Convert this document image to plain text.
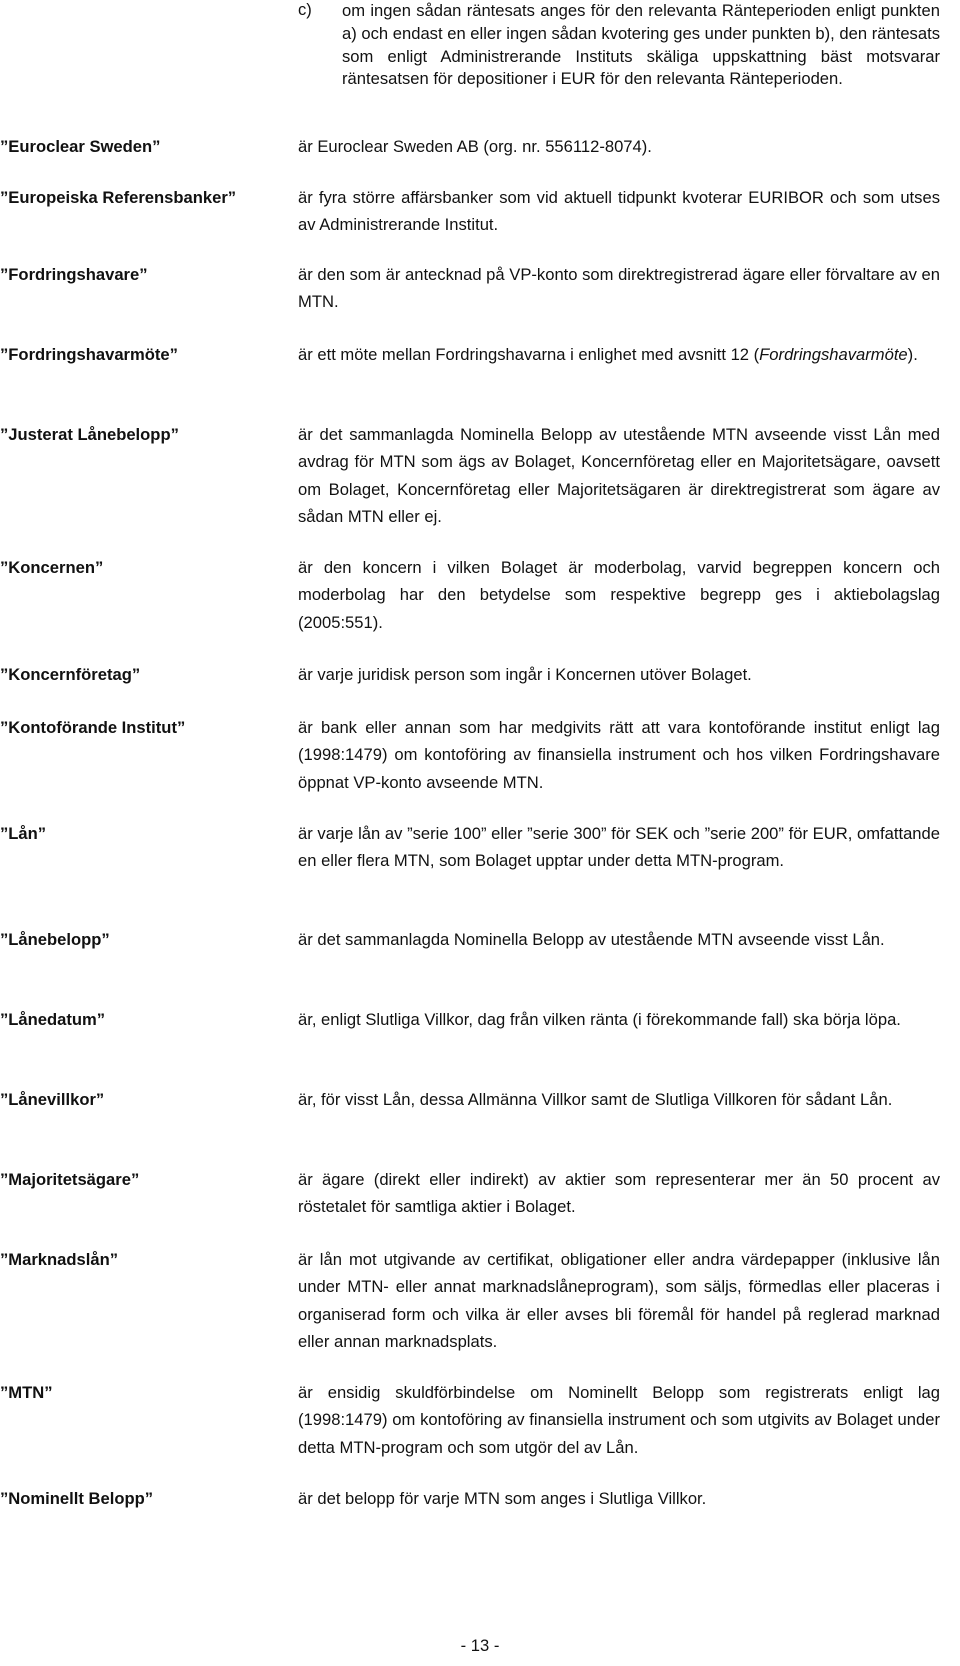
c) om ingen sådan räntesats anges för den relevanta Ränteperioden enligt punkten a) och endast en eller ingen sådan kvotering ges under punkten b), den räntesats som enligt Administrerande Instituts skäliga uppskattning bäst motsvarar räntesatsen för depositioner i EUR för den relevanta Ränteperioden.
”Euroclear Sweden”	är Euroclear Sweden AB (org. nr. 556112-8074).
”Europeiska Referensbanker”	är fyra större affärsbanker som vid aktuell tidpunkt kvoterar EURIBOR och som utses av Administrerande Institut.
”Fordringshavare”	är den som är antecknad på VP-konto som direktregistrerad ägare eller förvaltare av en MTN.
”Fordringshavarmöte”	är ett möte mellan Fordringshavarna i enlighet med avsnitt 12 (Fordringshavarmöte).
”Justerat Lånebelopp”	är det sammanlagda Nominella Belopp av utestående MTN avseende visst Lån med avdrag för MTN som ägs av Bolaget, Koncernföretag eller en Majoritetsägare, oavsett om Bolaget, Koncernföretag eller Majoritetsägaren är direktregistrerat som ägare av sådan MTN eller ej.
”Koncernen”	är den koncern i vilken Bolaget är moderbolag, varvid begreppen koncern och moderbolag har den betydelse som respektive begrepp ges i aktiebolagslag (2005:551).
”Koncernföretag”	är varje juridisk person som ingår i Koncernen utöver Bolaget.
”Kontoförande Institut”	är bank eller annan som har medgivits rätt att vara kontoförande institut enligt lag (1998:1479) om kontoföring av finansiella instrument och hos vilken Fordringshavare öppnat VP-konto avseende MTN.
”Lån”	är varje lån av ”serie 100” eller ”serie 300” för SEK och ”serie 200” för EUR, omfattande en eller flera MTN, som Bolaget upptar under detta MTN-program.
”Lånebelopp”	är det sammanlagda Nominella Belopp av utestående MTN avseende visst Lån.
”Lånedatum”	är, enligt Slutliga Villkor, dag från vilken ränta (i förekommande fall) ska börja löpa.
”Lånevillkor”	är, för visst Lån, dessa Allmänna Villkor samt de Slutliga Villkoren för sådant Lån.
”Majoritetsägare”	är ägare (direkt eller indirekt) av aktier som representerar mer än 50 procent av röstetalet för samtliga aktier i Bolaget.
”Marknadslån”	är lån mot utgivande av certifikat, obligationer eller andra värdepapper (inklusive lån under MTN- eller annat marknadslåneprogram), som säljs, förmedlas eller placeras i organiserad form och vilka är eller avses bli föremål för handel på reglerad marknad eller annan marknadsplats.
”MTN”	är ensidig skuldförbindelse om Nominellt Belopp som registrerats enligt lag (1998:1479) om kontoföring av finansiella instrument och som utgivits av Bolaget under detta MTN-program och som utgör del av Lån.
”Nominellt Belopp”	är det belopp för varje MTN som anges i Slutliga Villkor.
- 13 -
